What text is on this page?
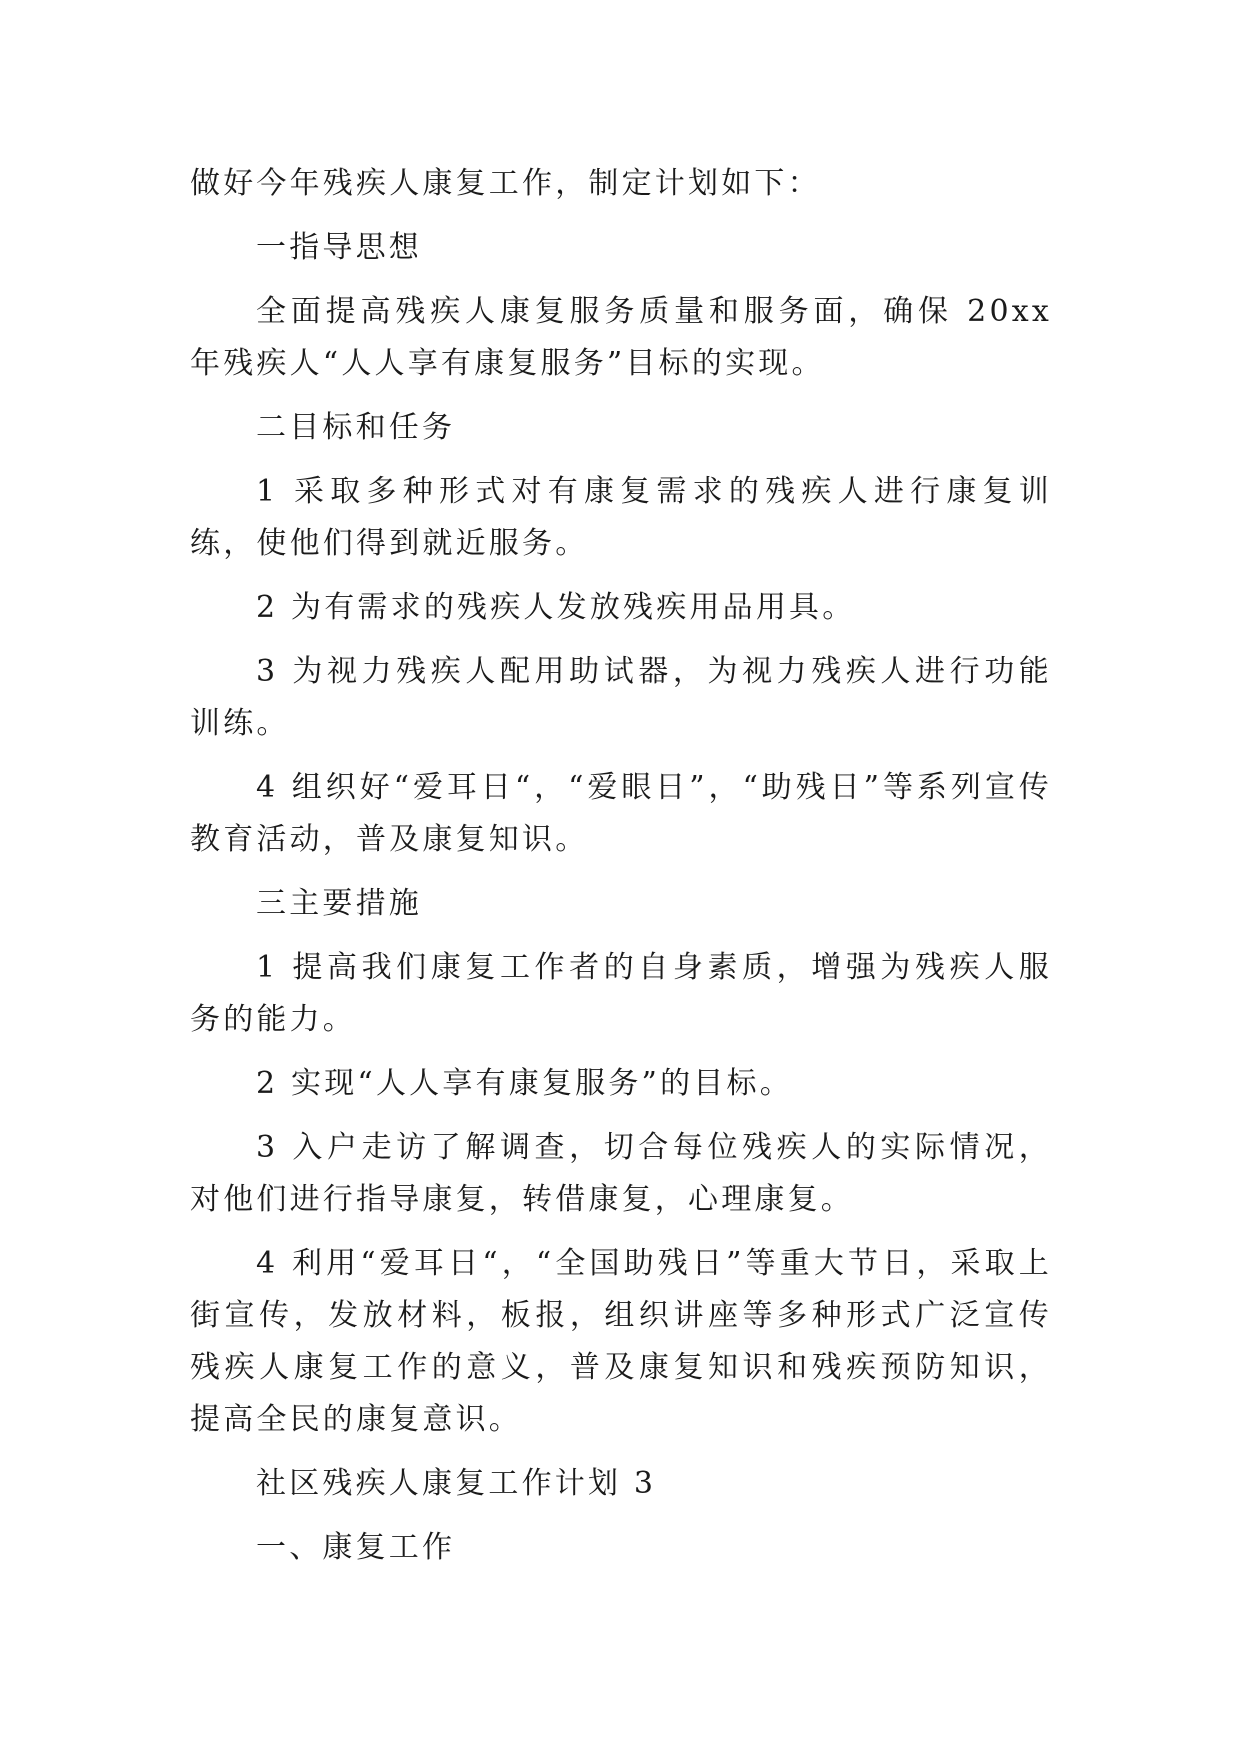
做好今年残疾人康复工作，制定计划如下：

一指导思想

全面提高残疾人康复服务质量和服务面，确保 20xx 年残疾人“人人享有康复服务”目标的实现。

二目标和任务

1 采取多种形式对有康复需求的残疾人进行康复训练，使他们得到就近服务。

2 为有需求的残疾人发放残疾用品用具。

3 为视力残疾人配用助试器，为视力残疾人进行功能训练。

4 组织好“爱耳日“，“爱眼日”，“助残日”等系列宣传教育活动，普及康复知识。

三主要措施

1 提高我们康复工作者的自身素质，增强为残疾人服务的能力。

2 实现“人人享有康复服务”的目标。

3 入户走访了解调查，切合每位残疾人的实际情况，对他们进行指导康复，转借康复，心理康复。

4 利用“爱耳日“，“全国助残日”等重大节日，采取上街宣传，发放材料，板报，组织讲座等多种形式广泛宣传残疾人康复工作的意义，普及康复知识和残疾预防知识，提高全民的康复意识。

社区残疾人康复工作计划 3

一、康复工作
